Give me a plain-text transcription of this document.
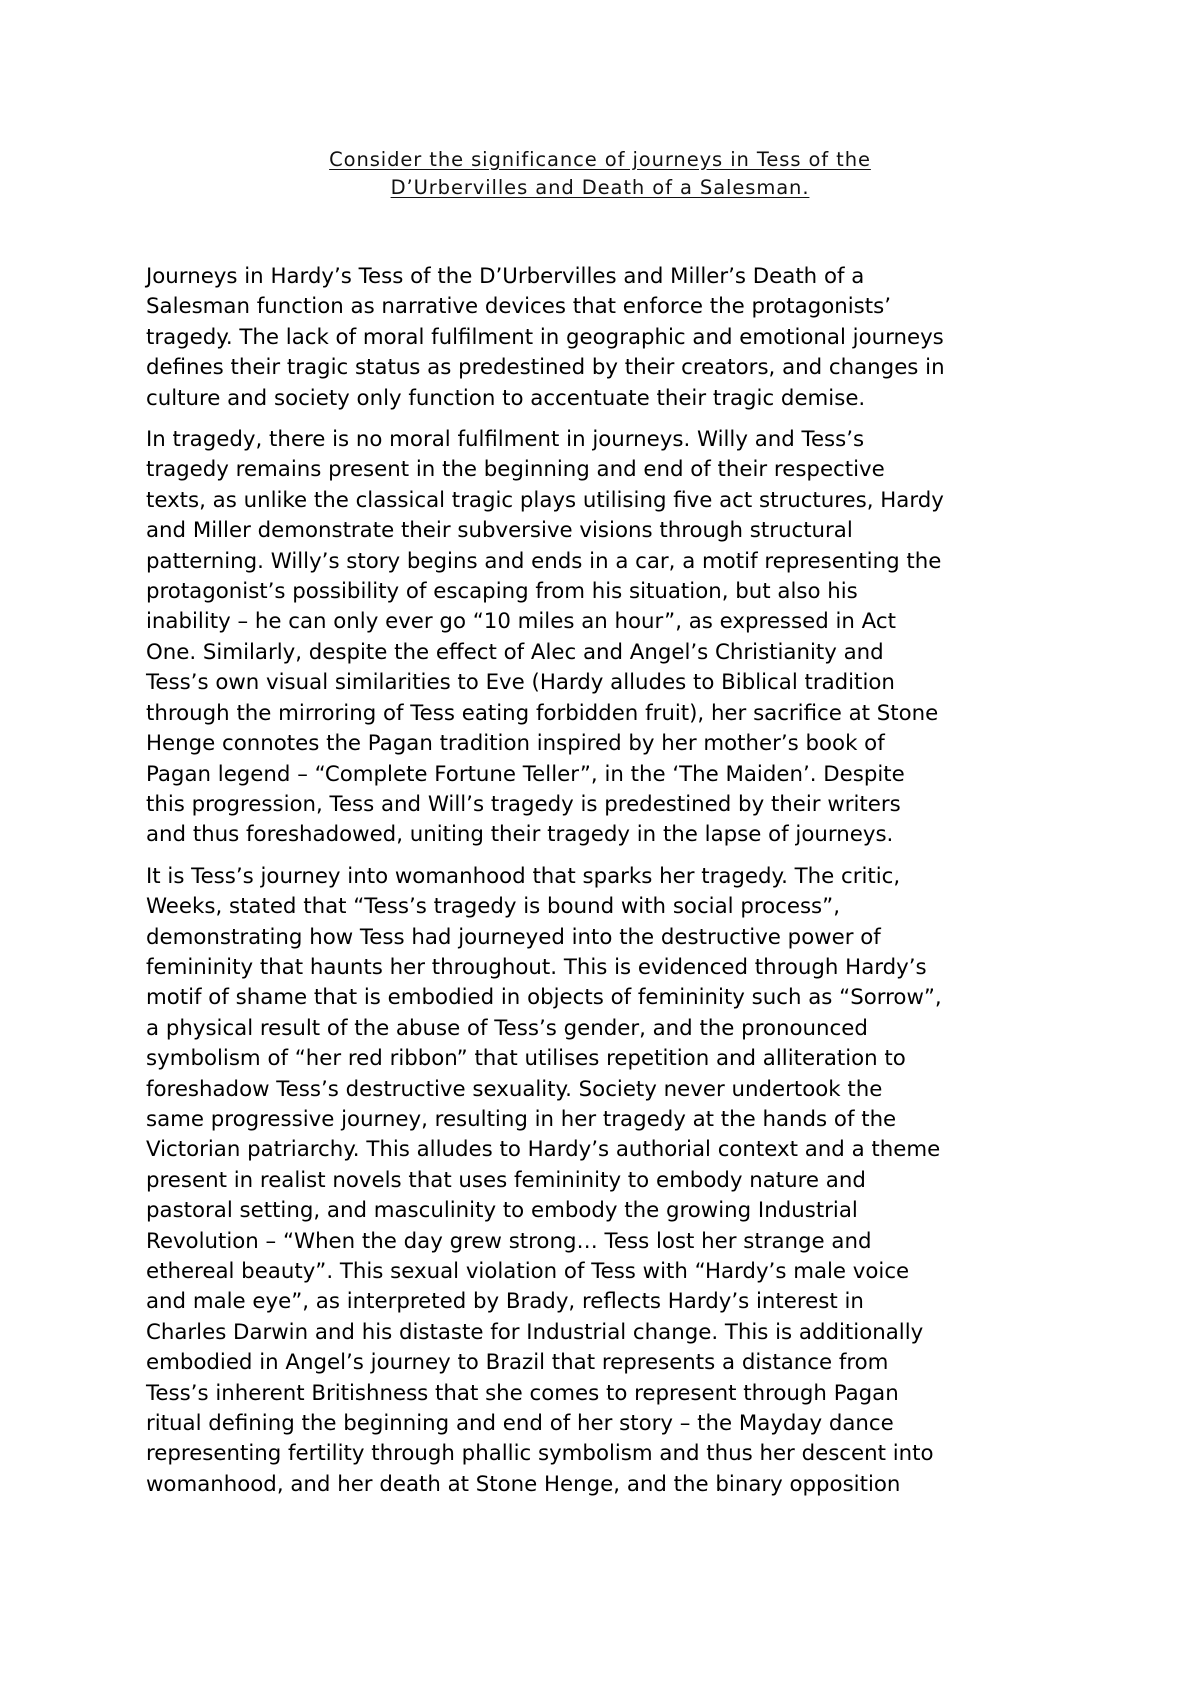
Consider the significance of journeys in Tess of the
D’Urbervilles and Death of a Salesman.

Journeys in Hardy’s Tess of the D’Urbervilles and Miller’s Death of a
Salesman function as narrative devices that enforce the protagonists’
tragedy. The lack of moral fulfilment in geographic and emotional journeys
defines their tragic status as predestined by their creators, and changes in
culture and society only function to accentuate their tragic demise.

In tragedy, there is no moral fulfilment in journeys. Willy and Tess’s
tragedy remains present in the beginning and end of their respective
texts, as unlike the classical tragic plays utilising five act structures, Hardy
and Miller demonstrate their subversive visions through structural
patterning. Willy’s story begins and ends in a car, a motif representing the
protagonist’s possibility of escaping from his situation, but also his
inability – he can only ever go “10 miles an hour”, as expressed in Act
One. Similarly, despite the effect of Alec and Angel’s Christianity and
Tess’s own visual similarities to Eve (Hardy alludes to Biblical tradition
through the mirroring of Tess eating forbidden fruit), her sacrifice at Stone
Henge connotes the Pagan tradition inspired by her mother’s book of
Pagan legend – “Complete Fortune Teller”, in the ‘The Maiden’. Despite
this progression, Tess and Will’s tragedy is predestined by their writers
and thus foreshadowed, uniting their tragedy in the lapse of journeys.

It is Tess’s journey into womanhood that sparks her tragedy. The critic,
Weeks, stated that “Tess’s tragedy is bound with social process”,
demonstrating how Tess had journeyed into the destructive power of
femininity that haunts her throughout. This is evidenced through Hardy’s
motif of shame that is embodied in objects of femininity such as “Sorrow”,
a physical result of the abuse of Tess’s gender, and the pronounced
symbolism of “her red ribbon” that utilises repetition and alliteration to
foreshadow Tess’s destructive sexuality. Society never undertook the
same progressive journey, resulting in her tragedy at the hands of the
Victorian patriarchy. This alludes to Hardy’s authorial context and a theme
present in realist novels that uses femininity to embody nature and
pastoral setting, and masculinity to embody the growing Industrial
Revolution – “When the day grew strong… Tess lost her strange and
ethereal beauty”. This sexual violation of Tess with “Hardy’s male voice
and male eye”, as interpreted by Brady, reflects Hardy’s interest in
Charles Darwin and his distaste for Industrial change. This is additionally
embodied in Angel’s journey to Brazil that represents a distance from
Tess’s inherent Britishness that she comes to represent through Pagan
ritual defining the beginning and end of her story – the Mayday dance
representing fertility through phallic symbolism and thus her descent into
womanhood, and her death at Stone Henge, and the binary opposition
